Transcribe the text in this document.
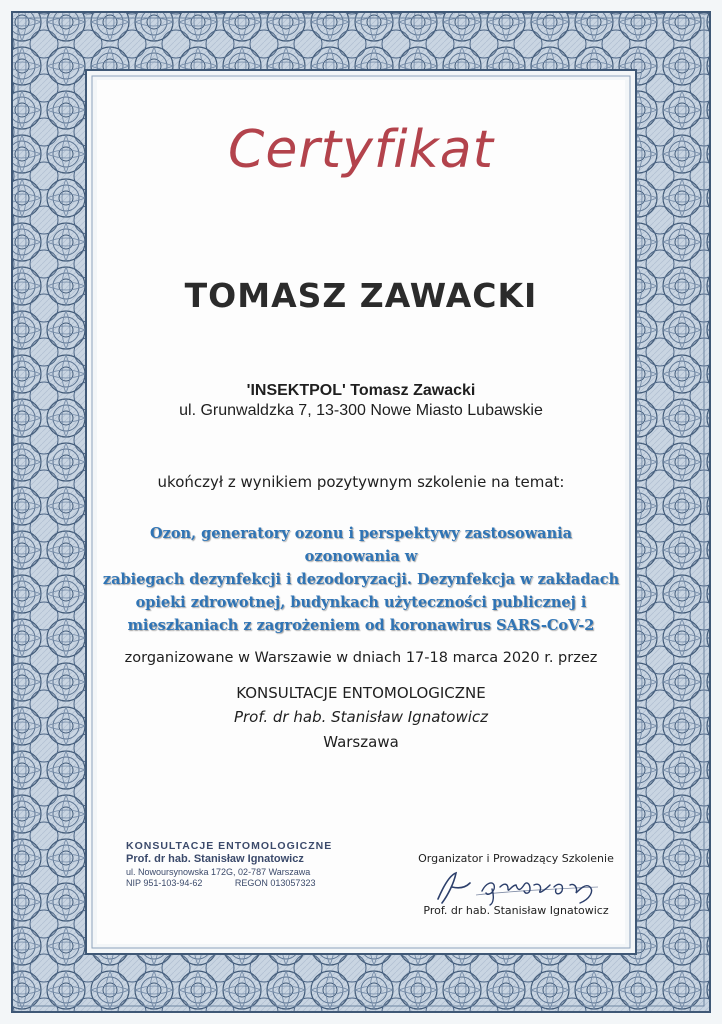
Certyfikat
TOMASZ ZAWACKI
'INSEKTPOL' Tomasz Zawacki
ul. Grunwaldzka 7, 13-300 Nowe Miasto Lubawskie
ukończył z wynikiem pozytywnym szkolenie na temat:
Ozon, generatory ozonu i perspektywy zastosowania ozonowania w
zabiegach dezynfekcji i dezodoryzacji. Dezynfekcja w zakładach
opieki zdrowotnej, budynkach użyteczności publicznej i
mieszkaniach z zagrożeniem od koronawirus SARS-CoV-2
zorganizowane w Warszawie w dniach 17-18 marca 2020 r. przez
KONSULTACJE ENTOMOLOGICZNE
Prof. dr hab. Stanisław Ignatowicz
Warszawa
KONSULTACJE ENTOMOLOGICZNE
Prof. dr hab. Stanisław Ignatowicz
ul. Nowoursynowska 172G, 02-787 Warszawa
NIP 951-103-94-62	REGON 013057323
Organizator i Prowadzący Szkolenie
Prof. dr hab. Stanisław Ignatowicz
